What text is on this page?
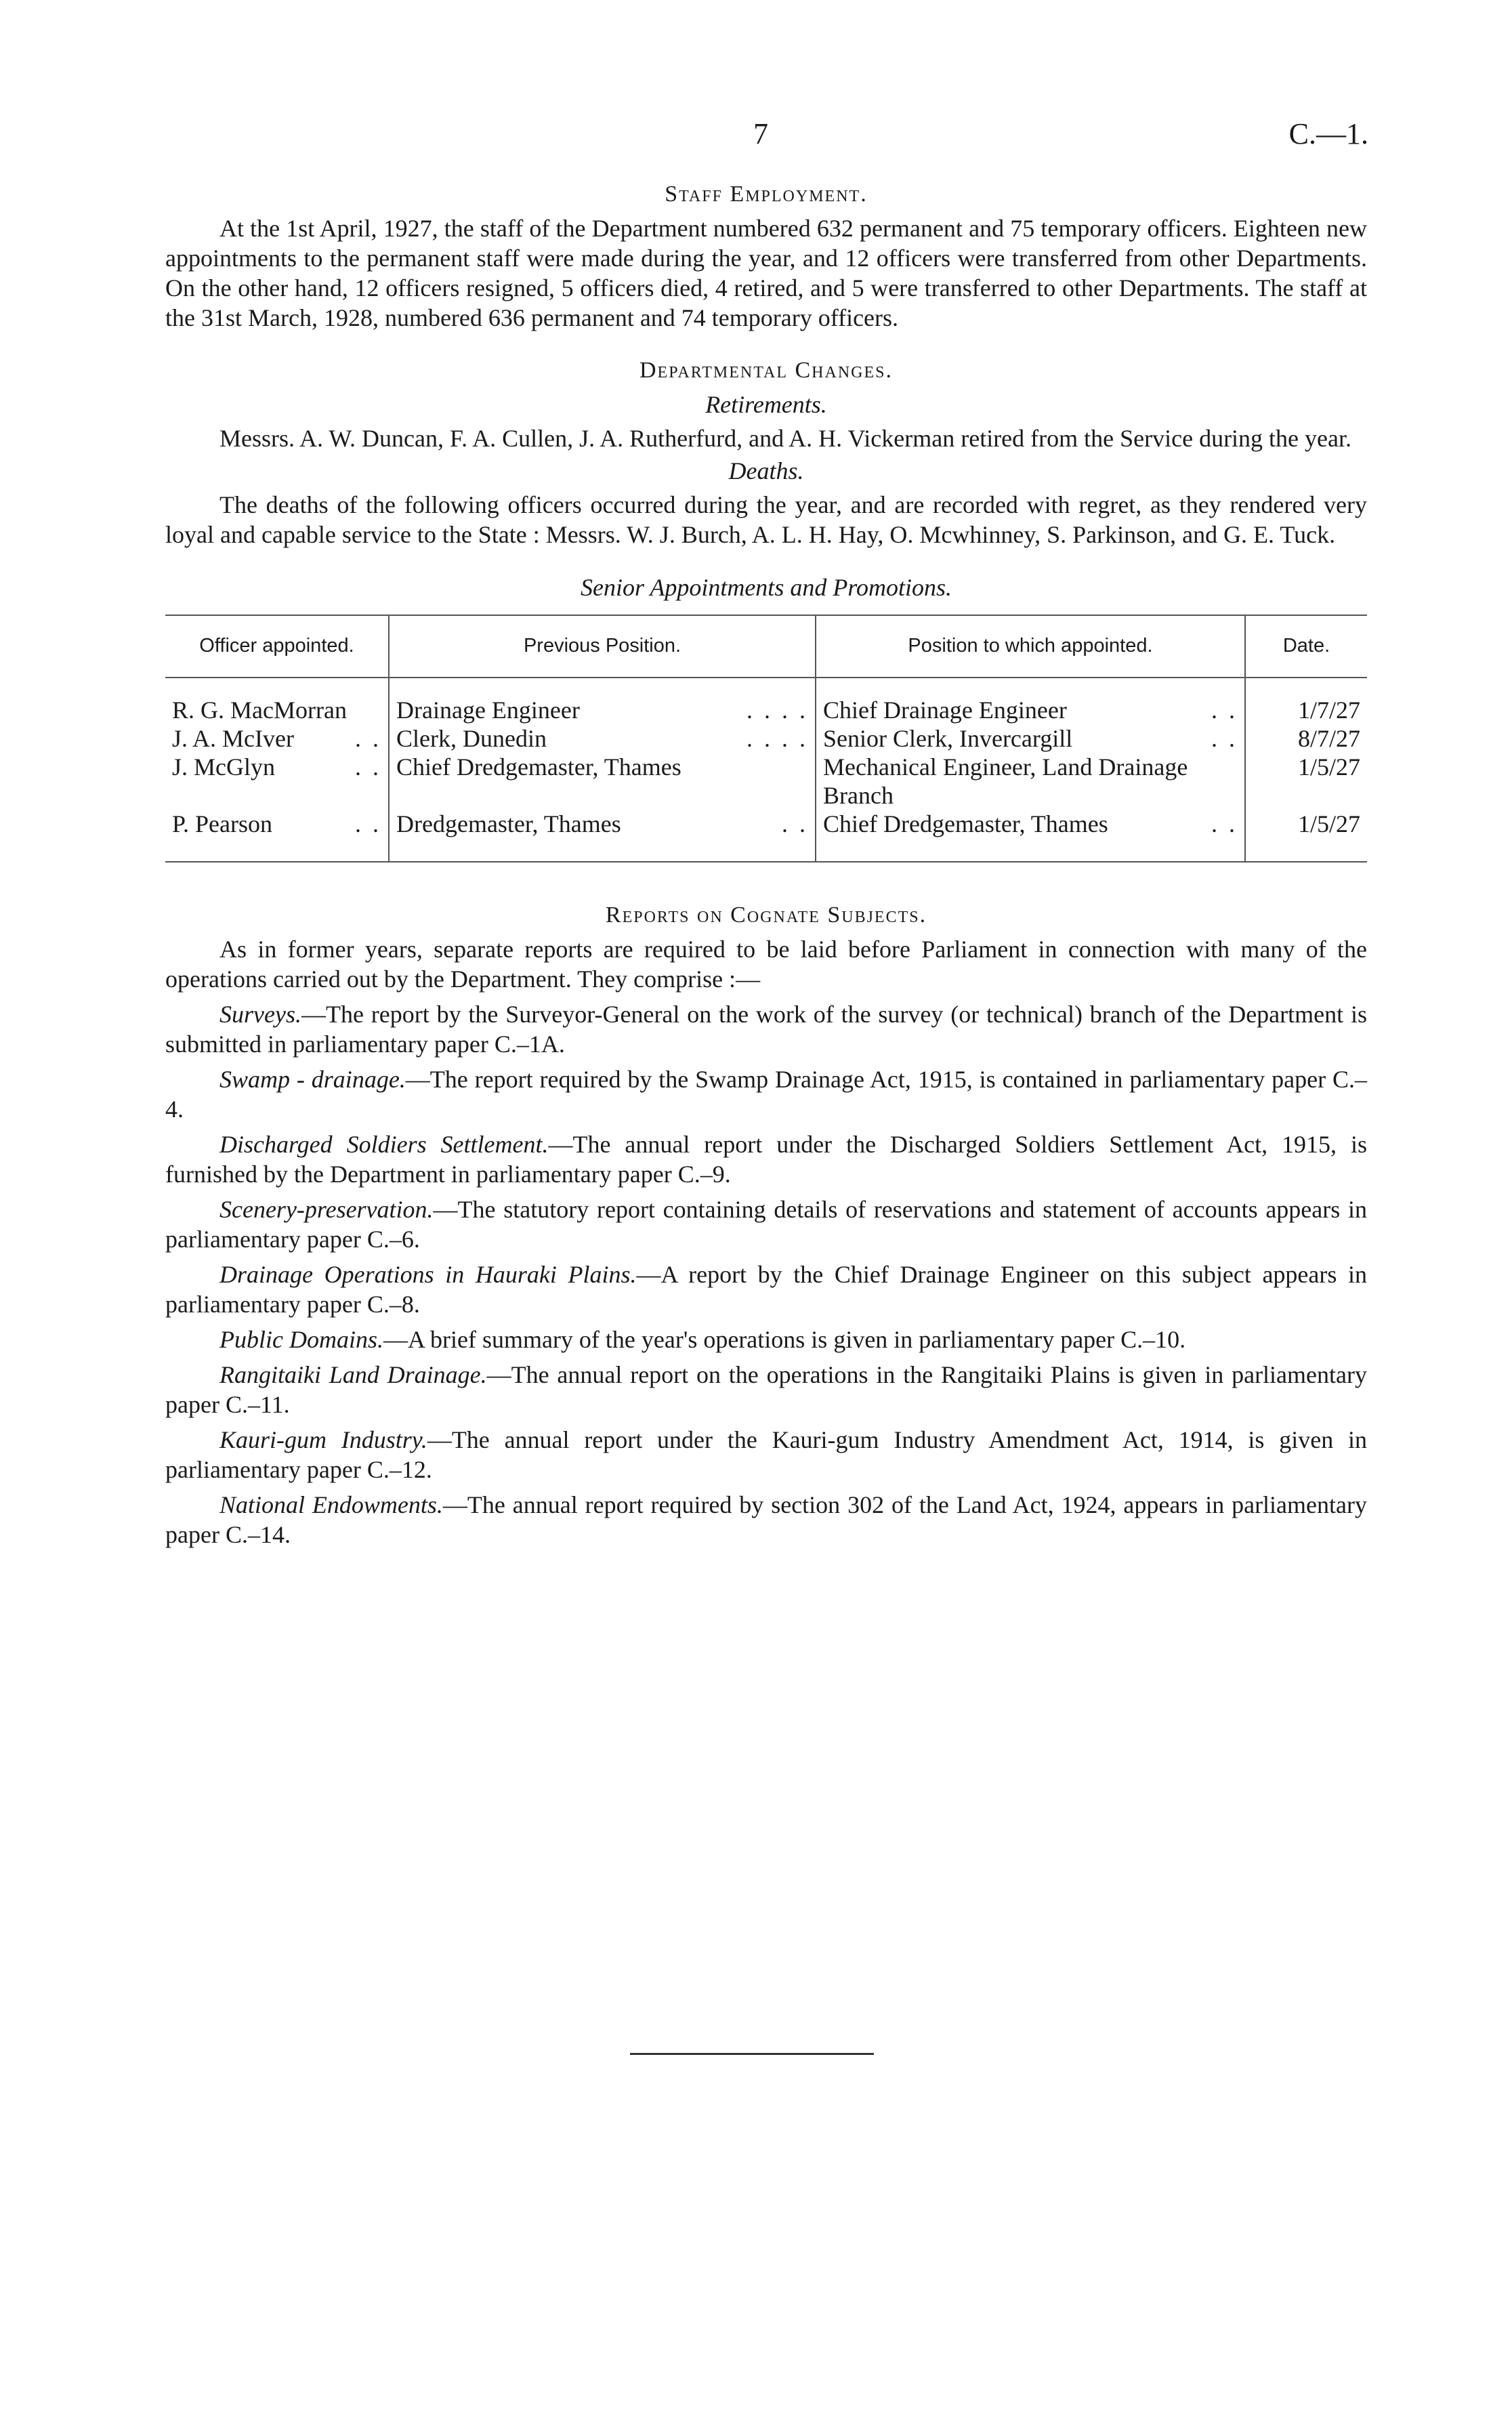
7	C.—1.
Staff Employment.

At the 1st April, 1927, the staff of the Department numbered 632 permanent and 75 temporary officers. Eighteen new appointments to the permanent staff were made during the year, and 12 officers were transferred from other Departments. On the other hand, 12 officers resigned, 5 officers died, 4 retired, and 5 were transferred to other Departments. The staff at the 31st March, 1928, numbered 636 permanent and 74 temporary officers.

Departmental Changes.
Retirements.

Messrs. A. W. Duncan, F. A. Cullen, J. A. Rutherfurd, and A. H. Vickerman retired from the Service during the year.

Deaths.

The deaths of the following officers occurred during the year, and are recorded with regret, as they rendered very loyal and capable service to the State : Messrs. W. J. Burch, A. L. H. Hay, O. Mcwhinney, S. Parkinson, and G. E. Tuck.

Senior Appointments and Promotions.
Officer appointed.	Previous Position.	Position to which appointed.	Date.
R. G. MacMorran	Drainage Engineer . . . .	Chief Drainage Engineer . .	1/7/27
J. A. McIver . .	Clerk, Dunedin . . . .	Senior Clerk, Invercargill . .	8/7/27
J. McGlyn . .	Chief Dredgemaster, Thames	Mechanical Engineer, Land Drainage Branch	1/5/27
P. Pearson . .	Dredgemaster, Thames . .	Chief Dredgemaster, Thames . .	1/5/27
Reports on Cognate Subjects.

As in former years, separate reports are required to be laid before Parliament in connection with many of the operations carried out by the Department. They comprise :—

Surveys.—The report by the Surveyor-General on the work of the survey (or technical) branch of the Department is submitted in parliamentary paper C.–1A.

Swamp - drainage.—The report required by the Swamp Drainage Act, 1915, is contained in parliamentary paper C.–4.

Discharged Soldiers Settlement.—The annual report under the Discharged Soldiers Settlement Act, 1915, is furnished by the Department in parliamentary paper C.–9.

Scenery-preservation.—The statutory report containing details of reservations and statement of accounts appears in parliamentary paper C.–6.

Drainage Operations in Hauraki Plains.—A report by the Chief Drainage Engineer on this subject appears in parliamentary paper C.–8.

Public Domains.—A brief summary of the year's operations is given in parliamentary paper C.–10.

Rangitaiki Land Drainage.—The annual report on the operations in the Rangitaiki Plains is given in parliamentary paper C.–11.

Kauri-gum Industry.—The annual report under the Kauri-gum Industry Amendment Act, 1914, is given in parliamentary paper C.–12.

National Endowments.—The annual report required by section 302 of the Land Act, 1924, appears in parliamentary paper C.–14.
